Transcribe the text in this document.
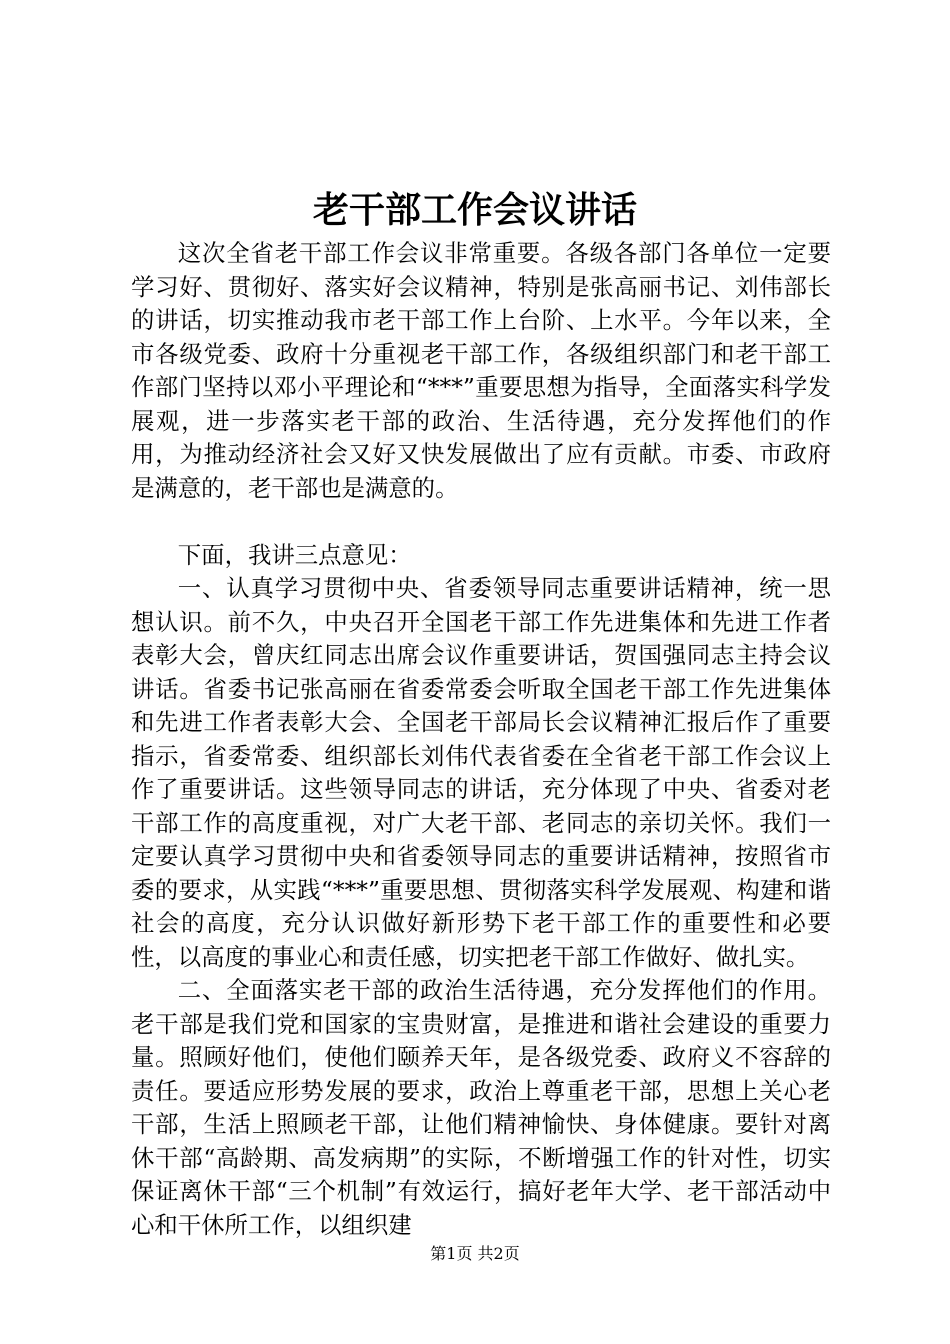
老干部工作会议讲话

这次全省老干部工作会议非常重要。各级各部门各单位一定要学习好、贯彻好、落实好会议精神，特别是张高丽书记、刘伟部长的讲话，切实推动我市老干部工作上台阶、上水平。今年以来，全市各级党委、政府十分重视老干部工作，各级组织部门和老干部工作部门坚持以邓小平理论和“***”重要思想为指导，全面落实科学发展观，进一步落实老干部的政治、生活待遇，充分发挥他们的作用，为推动经济社会又好又快发展做出了应有贡献。市委、市政府是满意的，老干部也是满意的。

下面，我讲三点意见：

一、认真学习贯彻中央、省委领导同志重要讲话精神，统一思想认识。前不久，中央召开全国老干部工作先进集体和先进工作者表彰大会，曾庆红同志出席会议作重要讲话，贺国强同志主持会议讲话。省委书记张高丽在省委常委会听取全国老干部工作先进集体和先进工作者表彰大会、全国老干部局长会议精神汇报后作了重要指示，省委常委、组织部长刘伟代表省委在全省老干部工作会议上作了重要讲话。这些领导同志的讲话，充分体现了中央、省委对老干部工作的高度重视，对广大老干部、老同志的亲切关怀。我们一定要认真学习贯彻中央和省委领导同志的重要讲话精神，按照省市委的要求，从实践“***”重要思想、贯彻落实科学发展观、构建和谐社会的高度，充分认识做好新形势下老干部工作的重要性和必要性，以高度的事业心和责任感，切实把老干部工作做好、做扎实。

二、全面落实老干部的政治生活待遇，充分发挥他们的作用。老干部是我们党和国家的宝贵财富，是推进和谐社会建设的重要力量。照顾好他们，使他们颐养天年，是各级党委、政府义不容辞的责任。要适应形势发展的要求，政治上尊重老干部，思想上关心老干部，生活上照顾老干部，让他们精神愉快、身体健康。要针对离休干部“高龄期、高发病期”的实际，不断增强工作的针对性，切实保证离休干部“三个机制”有效运行，搞好老年大学、老干部活动中心和干休所工作，以组织建

第1页 共2页
